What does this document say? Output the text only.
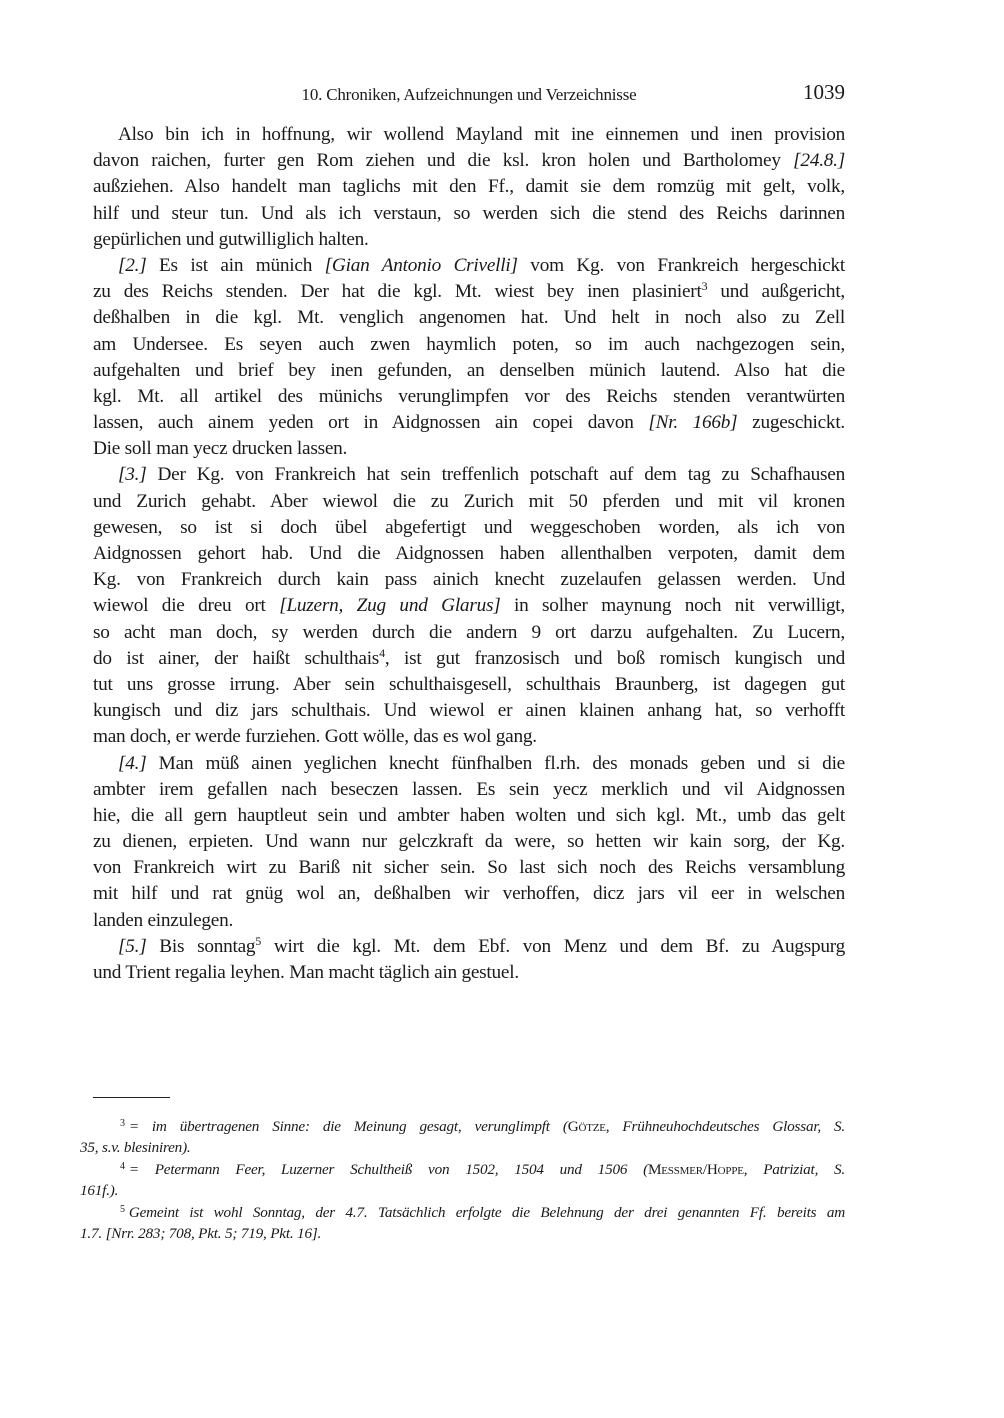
10. Chroniken, Aufzeichnungen und Verzeichnisse	1039
Also bin ich in hoffnung, wir wollend Mayland mit ine einnemen und inen provision
davon raichen, furter gen Rom ziehen und die ksl. kron holen und Bartholomey [24.8.]
außziehen. Also handelt man taglichs mit den Ff., damit sie dem romzüg mit gelt, volk,
hilf und steur tun. Und als ich verstaun, so werden sich die stend des Reichs darinnen
gepürlichen und gutwilliglich halten.
[2.] Es ist ain münich [Gian Antonio Crivelli] vom Kg. von Frankreich hergeschickt
zu des Reichs stenden. Der hat die kgl. Mt. wiest bey inen plasiniert$^3$ und außgericht,
deßhalben in die kgl. Mt. venglich angenomen hat. Und helt in noch also zu Zell
am Undersee. Es seyen auch zwen haymlich poten, so im auch nachgezogen sein,
aufgehalten und brief bey inen gefunden, an denselben münich lautend. Also hat die
kgl. Mt. all artikel des münichs verunglimpfen vor des Reichs stenden verantwürten
lassen, auch ainem yeden ort in Aidgnossen ain copei davon [Nr. 166b] zugeschickt.
Die soll man yecz drucken lassen.
[3.] Der Kg. von Frankreich hat sein treffenlich potschaft auf dem tag zu Schafhausen
und Zurich gehabt. Aber wiewol die zu Zurich mit 50 pferden und mit vil kronen
gewesen, so ist si doch übel abgefertigt und weggeschoben worden, als ich von
Aidgnossen gehort hab. Und die Aidgnossen haben allenthalben verpoten, damit dem
Kg. von Frankreich durch kain pass ainich knecht zuzelaufen gelassen werden. Und
wiewol die dreu ort [Luzern, Zug und Glarus] in solher maynung noch nit verwilligt,
so acht man doch, sy werden durch die andern 9 ort darzu aufgehalten. Zu Lucern,
do ist ainer, der haißt schulthais$^4$, ist gut franzosisch und boß romisch kungisch und
tut uns grosse irrung. Aber sein schulthaisgesell, schulthais Braunberg, ist dagegen gut
kungisch und diz jars schulthais. Und wiewol er ainen klainen anhang hat, so verhofft
man doch, er werde furziehen. Gott wölle, das es wol gang.
[4.] Man müß ainen yeglichen knecht fünfhalben fl.rh. des monads geben und si die
ambter irem gefallen nach beseczen lassen. Es sein yecz merklich und vil Aidgnossen
hie, die all gern hauptleut sein und ambter haben wolten und sich kgl. Mt., umb das gelt
zu dienen, erpieten. Und wann nur gelczkraft da were, so hetten wir kain sorg, der Kg.
von Frankreich wirt zu Bariß nit sicher sein. So last sich noch des Reichs versamblung
mit hilf und rat gnüg wol an, deßhalben wir verhoffen, dicz jars vil eer in welschen
landen einzulegen.
[5.] Bis sonntag$^5$ wirt die kgl. Mt. dem Ebf. von Menz und dem Bf. zu Augspurg
und Trient regalia leyhen. Man macht täglich ain gestuel.
$^3$ = im übertragenen Sinne: die Meinung gesagt, verunglimpft (Götze, Frühneuhochdeutsches Glossar, S.
35, s.v. blesiniren).
$^4$ = Petermann Feer, Luzerner Schultheiß von 1502, 1504 und 1506 (Messmer/Hoppe, Patriziat, S.
161f.).
$^5$ Gemeint ist wohl Sonntag, der 4.7. Tatsächlich erfolgte die Belehnung der drei genannten Ff. bereits am
1.7. [Nrr. 283; 708, Pkt. 5; 719, Pkt. 16].
